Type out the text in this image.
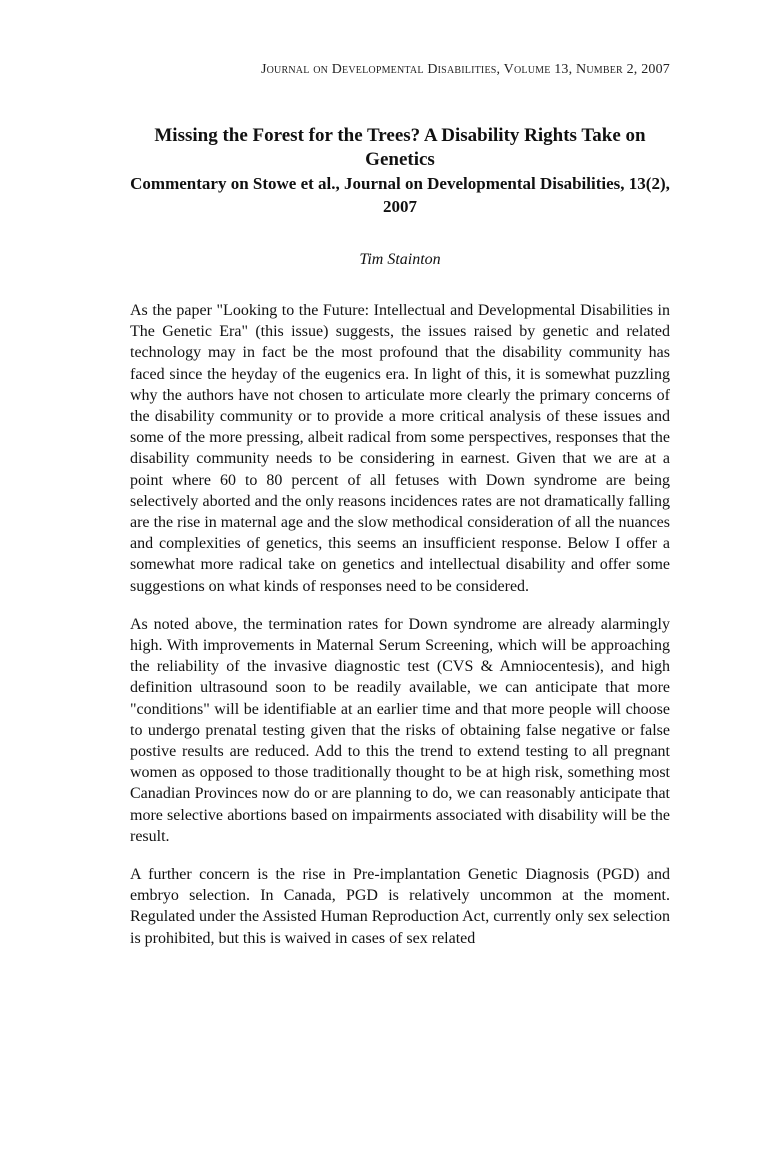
Journal on Developmental Disabilities, Volume 13, Number 2, 2007

Missing the Forest for the Trees? A Disability Rights Take on Genetics

Commentary on Stowe et al., Journal on Developmental Disabilities, 13(2), 2007

Tim Stainton

As the paper "Looking to the Future: Intellectual and Developmental Disabilities in The Genetic Era" (this issue) suggests, the issues raised by genetic and related technology may in fact be the most profound that the disability community has faced since the heyday of the eugenics era. In light of this, it is somewhat puzzling why the authors have not chosen to articulate more clearly the primary concerns of the disability community or to provide a more critical analysis of these issues and some of the more pressing, albeit radical from some perspectives, responses that the disability community needs to be considering in earnest. Given that we are at a point where 60 to 80 percent of all fetuses with Down syndrome are being selectively aborted and the only reasons incidences rates are not dramatically falling are the rise in maternal age and the slow methodical consideration of all the nuances and complexities of genetics, this seems an insufficient response. Below I offer a somewhat more radical take on genetics and intellectual disability and offer some suggestions on what kinds of responses need to be considered.

As noted above, the termination rates for Down syndrome are already alarmingly high. With improvements in Maternal Serum Screening, which will be approaching the reliability of the invasive diagnostic test (CVS & Amniocentesis), and high definition ultrasound soon to be readily available, we can anticipate that more "conditions" will be identifiable at an earlier time and that more people will choose to undergo prenatal testing given that the risks of obtaining false negative or false postive results are reduced. Add to this the trend to extend testing to all pregnant women as opposed to those traditionally thought to be at high risk, something most Canadian Provinces now do or are planning to do, we can reasonably anticipate that more selective abortions based on impairments associated with disability will be the result.

A further concern is the rise in Pre-implantation Genetic Diagnosis (PGD) and embryo selection. In Canada, PGD is relatively uncommon at the moment. Regulated under the Assisted Human Reproduction Act, currently only sex selection is prohibited, but this is waived in cases of sex related
